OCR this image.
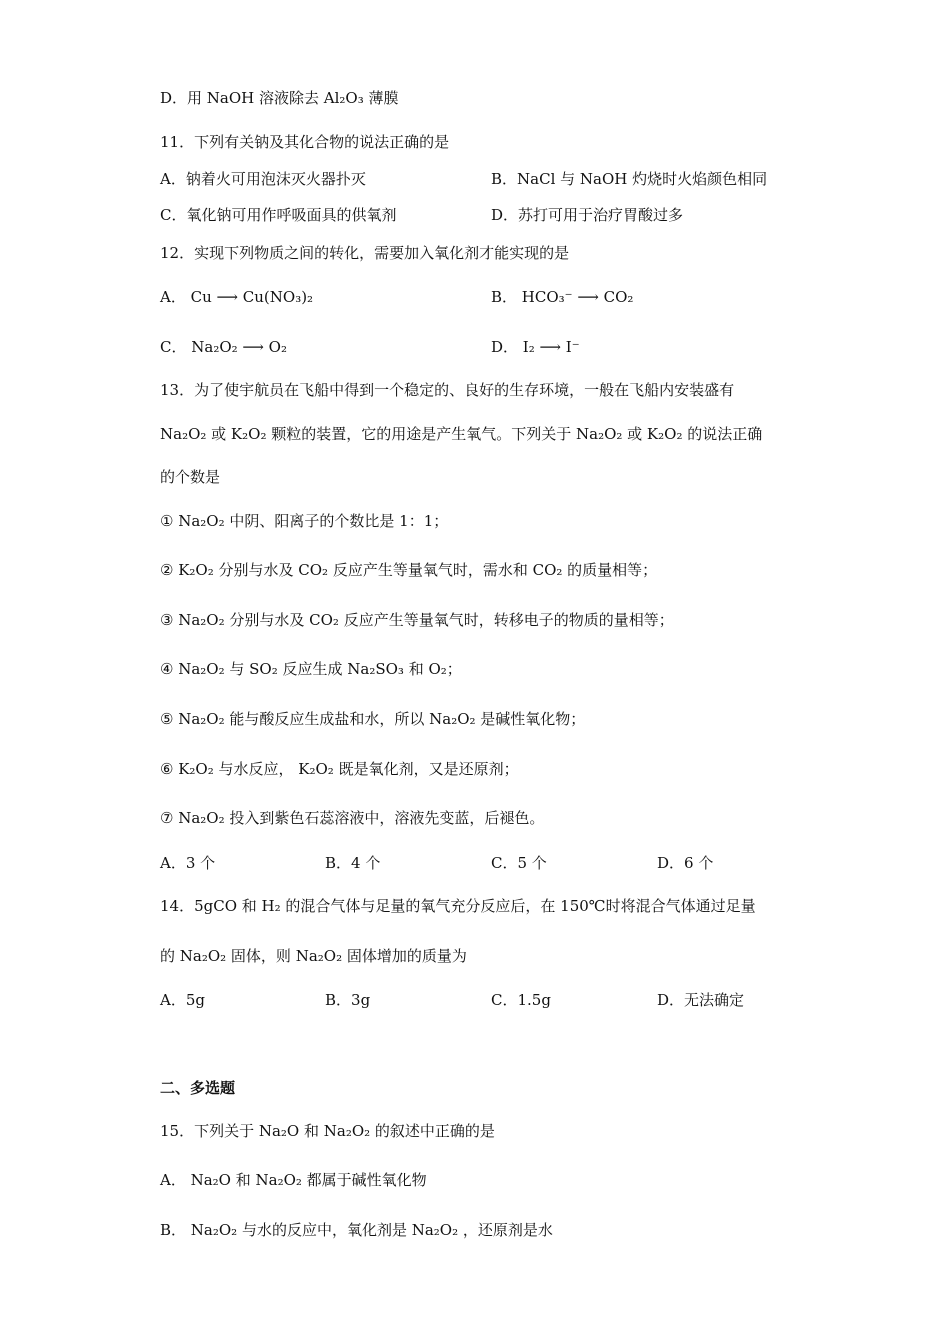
D．用 NaOH 溶液除去 Al₂O₃ 薄膜
11．下列有关钠及其化合物的说法正确的是
A．钠着火可用泡沫灭火器扑灭	B．NaCl 与 NaOH 灼烧时火焰颜色相同
C．氧化钠可用作呼吸面具的供氧剂	D．苏打可用于治疗胃酸过多
12．实现下列物质之间的转化，需要加入氧化剂才能实现的是
A． Cu ⟶ Cu(NO₃)₂	B． HCO₃⁻ ⟶ CO₂
C． Na₂O₂ ⟶ O₂	D． I₂ ⟶ I⁻
13．为了使宇航员在飞船中得到一个稳定的、良好的生存环境，一般在飞船内安装盛有
Na₂O₂ 或 K₂O₂ 颗粒的装置，它的用途是产生氧气。下列关于 Na₂O₂ 或 K₂O₂ 的说法正确
的个数是
① Na₂O₂ 中阴、阳离子的个数比是 1：1；
② K₂O₂ 分别与水及 CO₂ 反应产生等量氧气时，需水和 CO₂ 的质量相等；
③ Na₂O₂ 分别与水及 CO₂ 反应产生等量氧气时，转移电子的物质的量相等；
④ Na₂O₂ 与 SO₂ 反应生成 Na₂SO₃ 和 O₂；
⑤ Na₂O₂ 能与酸反应生成盐和水，所以 Na₂O₂ 是碱性氧化物；
⑥ K₂O₂ 与水反应， K₂O₂ 既是氧化剂，又是还原剂；
⑦ Na₂O₂ 投入到紫色石蕊溶液中，溶液先变蓝，后褪色。
A．3 个	B．4 个	C．5 个	D．6 个
14．5gCO 和 H₂ 的混合气体与足量的氧气充分反应后，在 150℃时将混合气体通过足量
的 Na₂O₂ 固体，则 Na₂O₂ 固体增加的质量为
A．5g	B．3g	C．1.5g	D．无法确定
二、多选题
15．下列关于 Na₂O 和 Na₂O₂ 的叙述中正确的是
A． Na₂O 和 Na₂O₂ 都属于碱性氧化物
B． Na₂O₂ 与水的反应中，氧化剂是 Na₂O₂ ，还原剂是水
